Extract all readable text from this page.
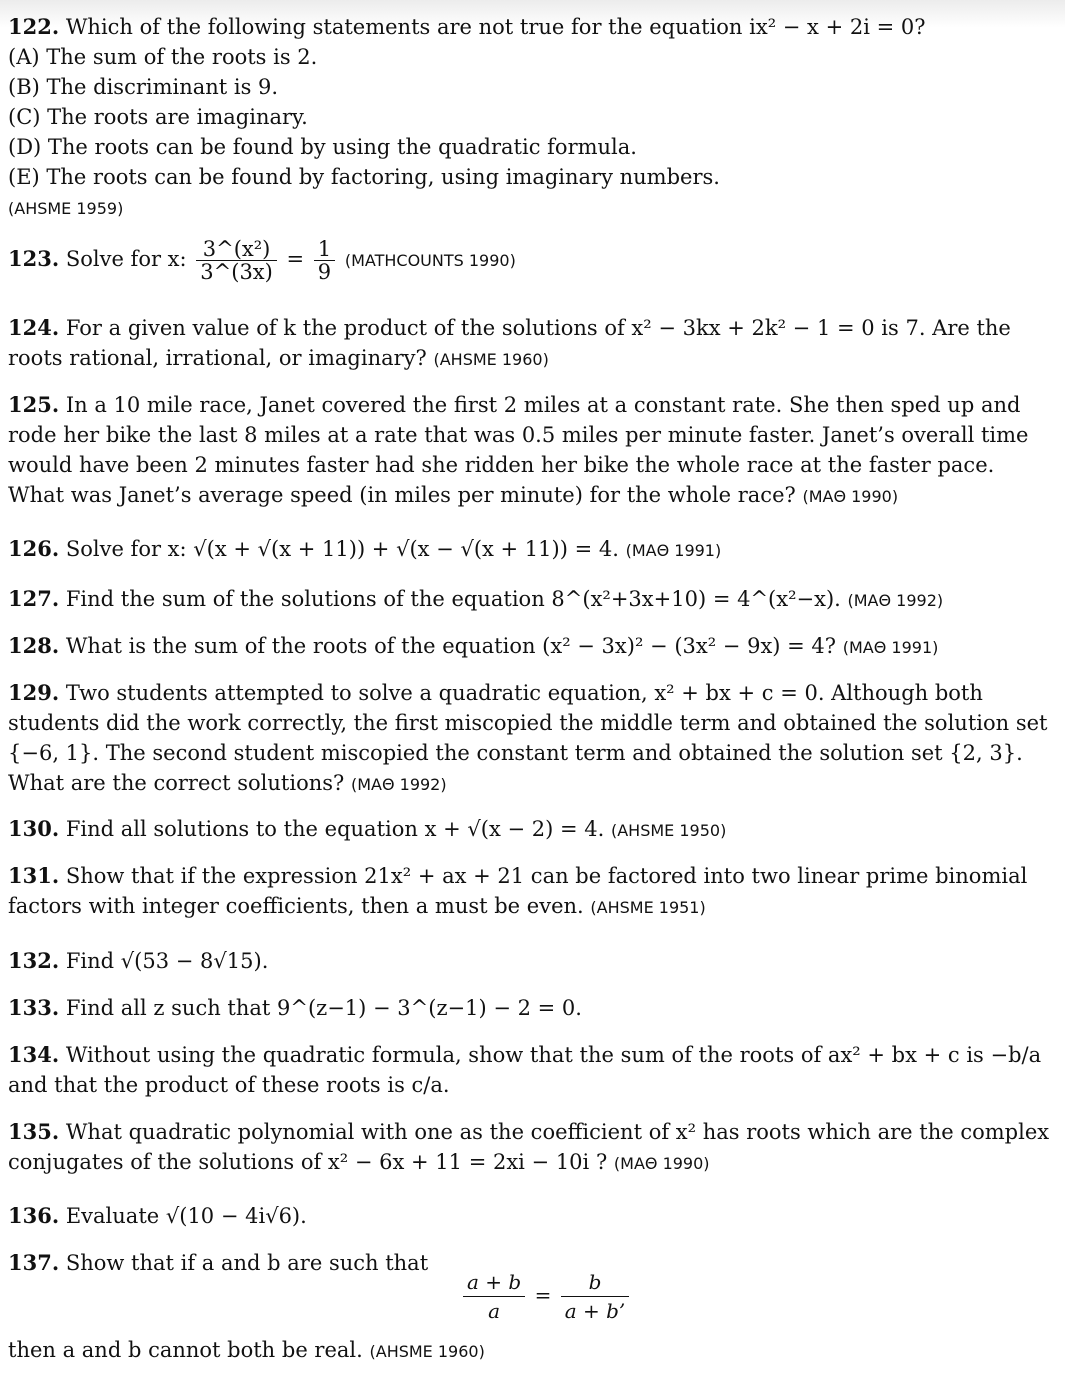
122. Which of the following statements are not true for the equation ix² − x + 2i = 0?
(A) The sum of the roots is 2.
(B) The discriminant is 9.
(C) The roots are imaginary.
(D) The roots can be found by using the quadratic formula.
(E) The roots can be found by factoring, using imaginary numbers.
(AHSME 1959)
123. Solve for x: $\frac{\text{3\textasciicircum{}(x²)}}{3\^{}(3x)} = \frac{1}{9}$ (MATHCOUNTS 1990)
124. For a given value of k the product of the solutions of x² − 3kx + 2k² − 1 = 0 is 7. Are the roots rational, irrational, or imaginary? (AHSME 1960)
125. In a 10 mile race, Janet covered the first 2 miles at a constant rate. She then sped up and rode her bike the last 8 miles at a rate that was 0.5 miles per minute faster. Janet’s overall time would have been 2 minutes faster had she ridden her bike the whole race at the faster pace. What was Janet’s average speed (in miles per minute) for the whole race? (MAΘ 1990)
126. Solve for x: √(x + √(x + 11)) + √(x − √(x + 11)) = 4. (MAΘ 1991)
127. Find the sum of the solutions of the equation 8^(x²+3x+10) = 4^(x²−x). (MAΘ 1992)
128. What is the sum of the roots of the equation (x² − 3x)² − (3x² − 9x) = 4? (MAΘ 1991)
129. Two students attempted to solve a quadratic equation, x² + bx + c = 0. Although both students did the work correctly, the first miscopied the middle term and obtained the solution set {−6, 1}. The second student miscopied the constant term and obtained the solution set {2, 3}. What are the correct solutions? (MAΘ 1992)
130. Find all solutions to the equation x + √(x − 2) = 4. (AHSME 1950)
131. Show that if the expression 21x² + ax + 21 can be factored into two linear prime binomial factors with integer coefficients, then a must be even. (AHSME 1951)
132. Find √(53 − 8√15).
133. Find all z such that 9^(z−1) − 3^(z−1) − 2 = 0.
134. Without using the quadratic formula, show that the sum of the roots of ax² + bx + c is −b/a and that the product of these roots is c/a.
135. What quadratic polynomial with one as the coefficient of x² has roots which are the complex conjugates of the solutions of x² − 6x + 11 = 2xi − 10i ? (MAΘ 1990)
136. Evaluate √(10 − 4i√6).
137. Show that if a and b are such that
$\frac{a + b}{a} = \frac{b}{a + b’}$
then a and b cannot both be real. (AHSME 1960)
